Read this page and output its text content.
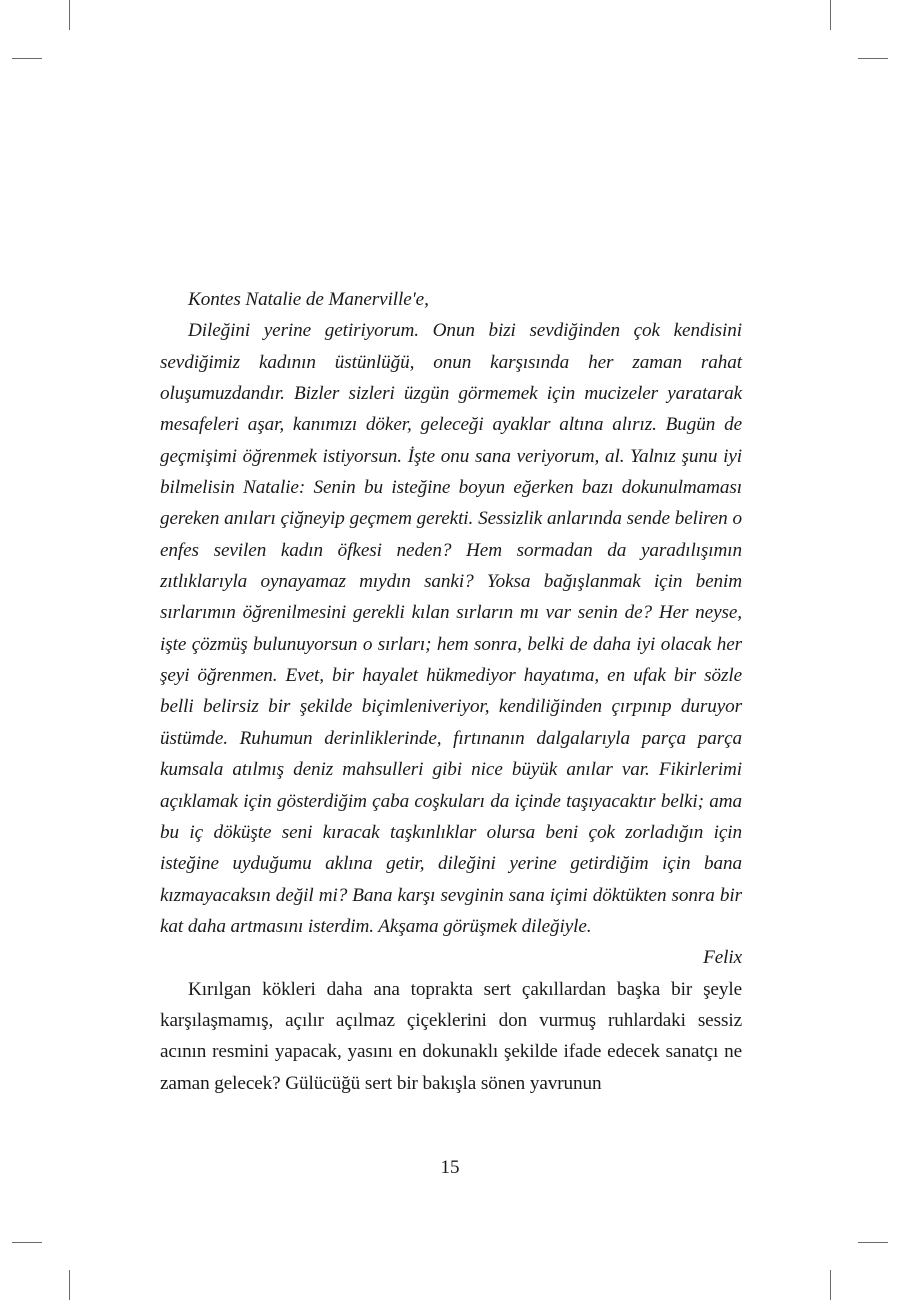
Kontes Natalie de Manerville'e,

Dileğini yerine getiriyorum. Onun bizi sevdiğinden çok kendisini sevdiğimiz kadının üstünlüğü, onun karşısında her zaman rahat oluşumuzdandır. Bizler sizleri üzgün görmemek için mucizeler yaratarak mesafeleri aşar, kanımızı döker, geleceği ayaklar altına alırız. Bugün de geçmişimi öğrenmek istiyorsun. İşte onu sana veriyorum, al. Yalnız şunu iyi bilmelisin Natalie: Senin bu isteğine boyun eğerken bazı dokunulmaması gereken anıları çiğneyip geçmem gerekti. Sessizlik anlarında sende beliren o enfes sevilen kadın öfkesi neden? Hem sormadan da yaradılışımın zıtlıklarıyla oynayamaz mıydın sanki? Yoksa bağışlanmak için benim sırlarımın öğrenilmesini gerekli kılan sırların mı var senin de? Her neyse, işte çözmüş bulunuyorsun o sırları; hem sonra, belki de daha iyi olacak her şeyi öğrenmen. Evet, bir hayalet hükmediyor hayatıma, en ufak bir sözle belli belirsiz bir şekilde biçimleniveriyor, kendiliğinden çırpınıp duruyor üstümde. Ruhumun derinliklerinde, fırtınanın dalgalarıyla parça parça kumsala atılmış deniz mahsulleri gibi nice büyük anılar var. Fikirlerimi açıklamak için gösterdiğim çaba coşkuları da içinde taşıyacaktır belki; ama bu iç döküşte seni kıracak taşkınlıklar olursa beni çok zorladığın için isteğine uyduğumu aklına getir, dileğini yerine getirdiğim için bana kızmayacaksın değil mi? Bana karşı sevginin sana içimi döktükten sonra bir kat daha artmasını isterdim. Akşama görüşmek dileğiyle.

Felix

Kırılgan kökleri daha ana toprakta sert çakıllardan başka bir şeyle karşılaşmamış, açılır açılmaz çiçeklerini don vurmuş ruhlardaki sessiz acının resmini yapacak, yasını en dokunaklı şekilde ifade edecek sanatçı ne zaman gelecek? Gülücüğü sert bir bakışla sönen yavrunun

15
